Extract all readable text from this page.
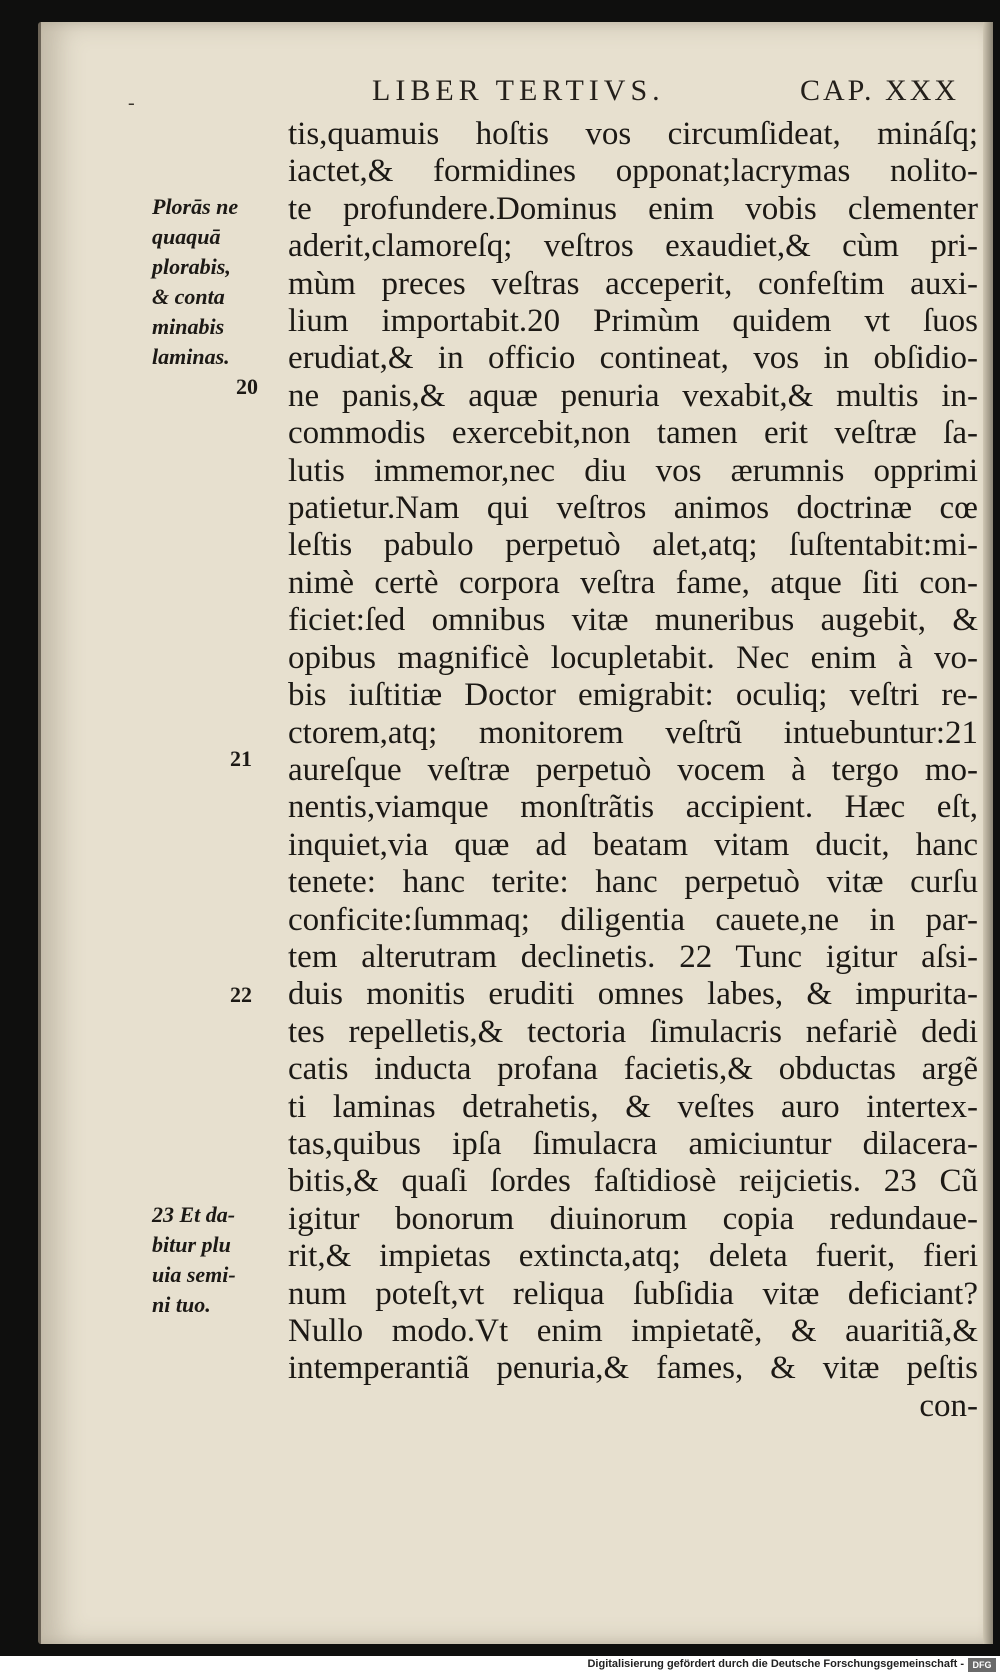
-	LIBER TERTIVS.	CAP. XXX
Plorās ne
quaquā
plorabis,
& conta
minabis
laminas.
20
21
22
23 Et da-
bitur plu
uia semi-
ni tuo.
tis,quamuis hoſtis vos circumſideat, mináſq;
iactet,& formidines opponat;lacrymas nolito-
te profundere.Dominus enim vobis clementer
aderit,clamoreſq; veſtros exaudiet,& cùm pri-
mùm preces veſtras acceperit, confeſtim auxi-
lium importabit.20 Primùm quidem vt ſuos
erudiat,& in officio contineat, vos in obſidio-
ne panis,& aquæ penuria vexabit,& multis in-
commodis exercebit,non tamen erit veſtræ ſa-
lutis immemor,nec diu vos ærumnis opprimi
patietur.Nam qui veſtros animos doctrinæ cœ
leſtis pabulo perpetuò alet,atq; ſuſtentabit:mi-
nimè certè corpora veſtra fame, atque ſiti con-
ficiet:ſed omnibus vitæ muneribus augebit, &
opibus magnificè locupletabit. Nec enim à vo-
bis iuſtitiæ Doctor emigrabit: oculiq; veſtri re-
ctorem,atq; monitorem veſtrũ intuebuntur:21
aureſque veſtræ perpetuò vocem à tergo mo-
nentis,viamque monſtrãtis accipient. Hæc eſt,
inquiet,via quæ ad beatam vitam ducit, hanc
tenete: hanc terite: hanc perpetuò vitæ curſu
conficite:ſummaq; diligentia cauete,ne in par-
tem alterutram declinetis. 22 Tunc igitur aſsi-
duis monitis eruditi omnes labes, & impurita-
tes repelletis,& tectoria ſimulacris nefariè dedi
catis inducta profana facietis,& obductas argẽ
ti laminas detrahetis, & veſtes auro intertex-
tas,quibus ipſa ſimulacra amiciuntur dilacera-
bitis,& quaſi ſordes faſtidiosè reijcietis. 23 Cũ
igitur bonorum diuinorum copia redundaue-
rit,& impietas extincta,atq; deleta fuerit, fieri
num poteſt,vt reliqua ſubſidia vitæ deficiant?
Nullo modo.Vt enim impietatẽ, & auaritiã,&
intemperantiã penuria,& fames, & vitæ peſtis
con-
Digitalisierung gefördert durch die Deutsche Forschungsgemeinschaft - DFG
